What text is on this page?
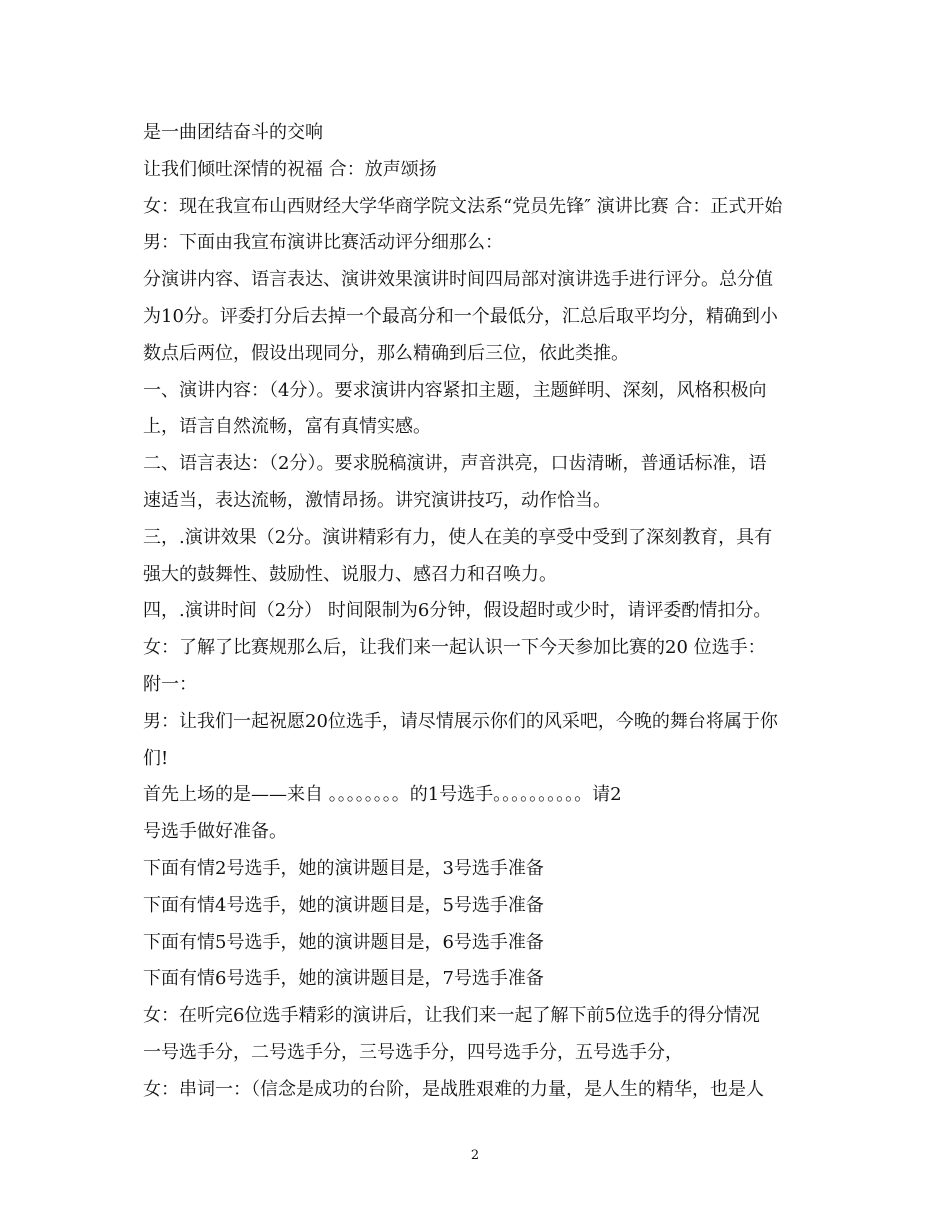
是一曲团结奋斗的交响
让我们倾吐深情的祝福 合：放声颂扬
女：现在我宣布山西财经大学华商学院文法系“党员先锋″ 演讲比赛 合：正式开始
男：下面由我宣布演讲比赛活动评分细那么：
分演讲内容、语言表达、演讲效果演讲时间四局部对演讲选手进行评分。总分值
为10分。评委打分后去掉一个最高分和一个最低分，汇总后取平均分，精确到小
数点后两位，假设出现同分，那么精确到后三位，依此类推。
一、演讲内容：（4分）。要求演讲内容紧扣主题，主题鲜明、深刻，风格积极向
上，语言自然流畅，富有真情实感。
二、语言表达：（2分）。要求脱稿演讲，声音洪亮，口齿清晰，普通话标准，语
速适当，表达流畅，激情昂扬。讲究演讲技巧，动作恰当。
三，.演讲效果（2分。演讲精彩有力，使人在美的享受中受到了深刻教育，具有
强大的鼓舞性、鼓励性、说服力、感召力和召唤力。
四，.演讲时间（2分） 时间限制为6分钟，假设超时或少时，请评委酌情扣分。
女：了解了比赛规那么后，让我们来一起认识一下今天参加比赛的20 位选手：
附一：
男：让我们一起祝愿20位选手，请尽情展示你们的风采吧，今晚的舞台将属于你
们!
首先上场的是——来自 。。。。。。。。的1号选手。。。。。。。。。。请2
号选手做好准备。
下面有情2号选手，她的演讲题目是，3号选手准备
下面有情4号选手，她的演讲题目是，5号选手准备
下面有情5号选手，她的演讲题目是，6号选手准备
下面有情6号选手，她的演讲题目是，7号选手准备
女：在听完6位选手精彩的演讲后，让我们来一起了解下前5位选手的得分情况
一号选手分，二号选手分，三号选手分，四号选手分，五号选手分，
女：串词一：（信念是成功的台阶，是战胜艰难的力量，是人生的精华，也是人
2
